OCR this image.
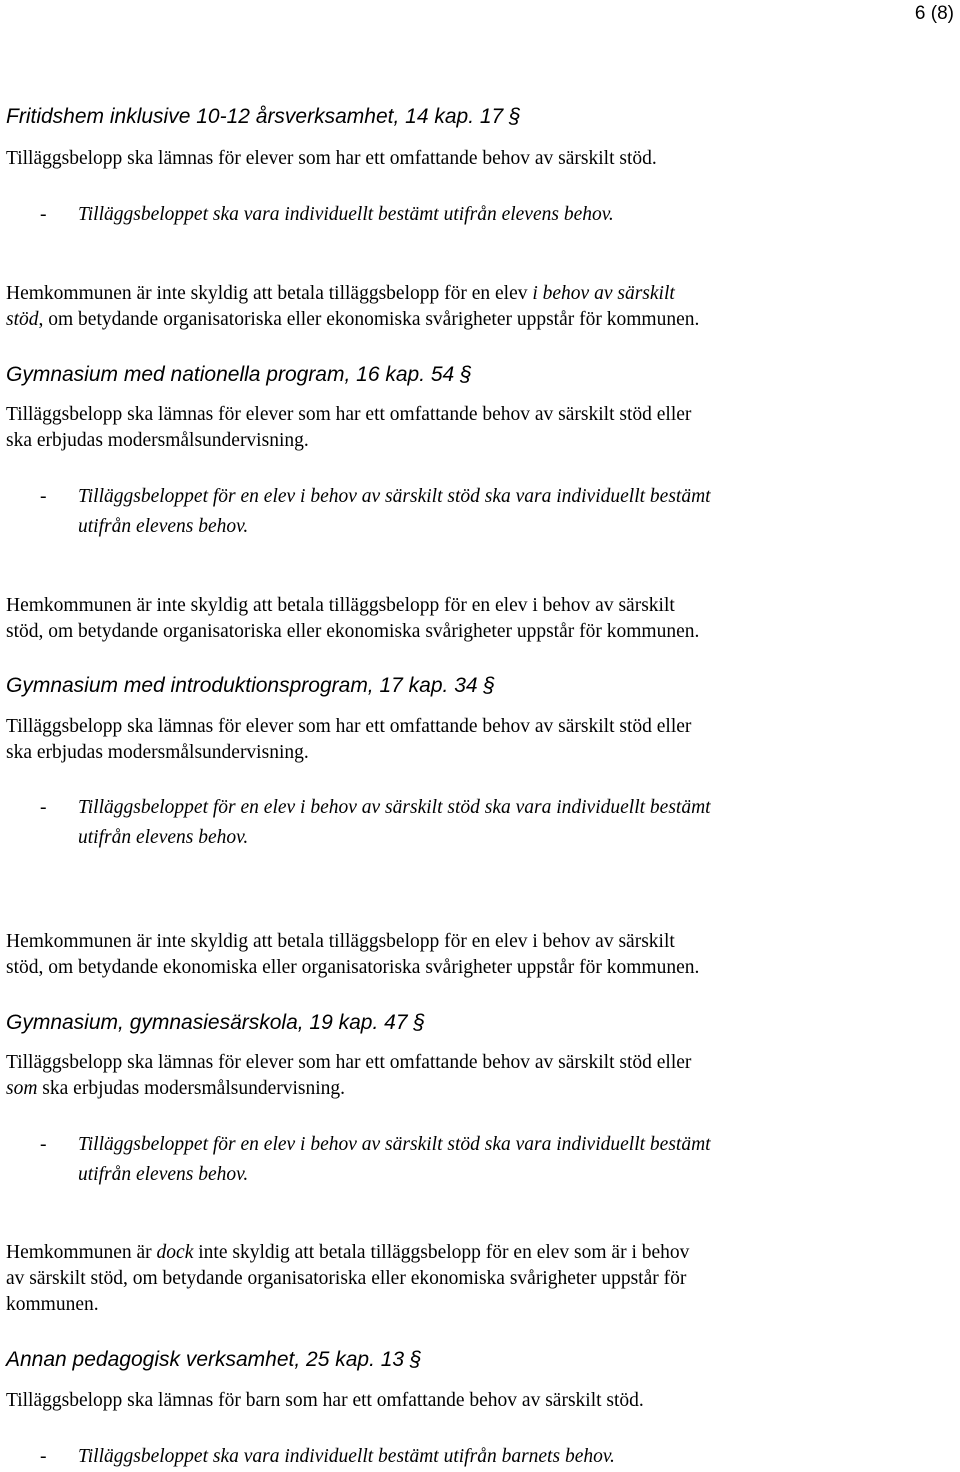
6 (8)
Fritidshem inklusive 10-12 årsverksamhet, 14 kap. 17 §
Tilläggsbelopp ska lämnas för elever som har ett omfattande behov av särskilt stöd.
- Tilläggsbeloppet ska vara individuellt bestämt utifrån elevens behov.
Hemkommunen är inte skyldig att betala tilläggsbelopp för en elev i behov av särskilt
stöd, om betydande organisatoriska eller ekonomiska svårigheter uppstår för kommunen.
Gymnasium med nationella program, 16 kap. 54 §
Tilläggsbelopp ska lämnas för elever som har ett omfattande behov av särskilt stöd eller
ska erbjudas modersmålsundervisning.
- Tilläggsbeloppet för en elev i behov av särskilt stöd ska vara individuellt bestämt
utifrån elevens behov.
Hemkommunen är inte skyldig att betala tilläggsbelopp för en elev i behov av särskilt
stöd, om betydande organisatoriska eller ekonomiska svårigheter uppstår för kommunen.
Gymnasium med introduktionsprogram, 17 kap. 34 §
Tilläggsbelopp ska lämnas för elever som har ett omfattande behov av särskilt stöd eller
ska erbjudas modersmålsundervisning.
- Tilläggsbeloppet för en elev i behov av särskilt stöd ska vara individuellt bestämt
utifrån elevens behov.
Hemkommunen är inte skyldig att betala tilläggsbelopp för en elev i behov av särskilt
stöd, om betydande ekonomiska eller organisatoriska svårigheter uppstår för kommunen.
Gymnasium, gymnasiesärskola, 19 kap. 47 §
Tilläggsbelopp ska lämnas för elever som har ett omfattande behov av särskilt stöd eller
som ska erbjudas modersmålsundervisning.
- Tilläggsbeloppet för en elev i behov av särskilt stöd ska vara individuellt bestämt
utifrån elevens behov.
Hemkommunen är dock inte skyldig att betala tilläggsbelopp för en elev som är i behov
av särskilt stöd, om betydande organisatoriska eller ekonomiska svårigheter uppstår för
kommunen.
Annan pedagogisk verksamhet, 25 kap. 13 §
Tilläggsbelopp ska lämnas för barn som har ett omfattande behov av särskilt stöd.
- Tilläggsbeloppet ska vara individuellt bestämt utifrån barnets behov.
